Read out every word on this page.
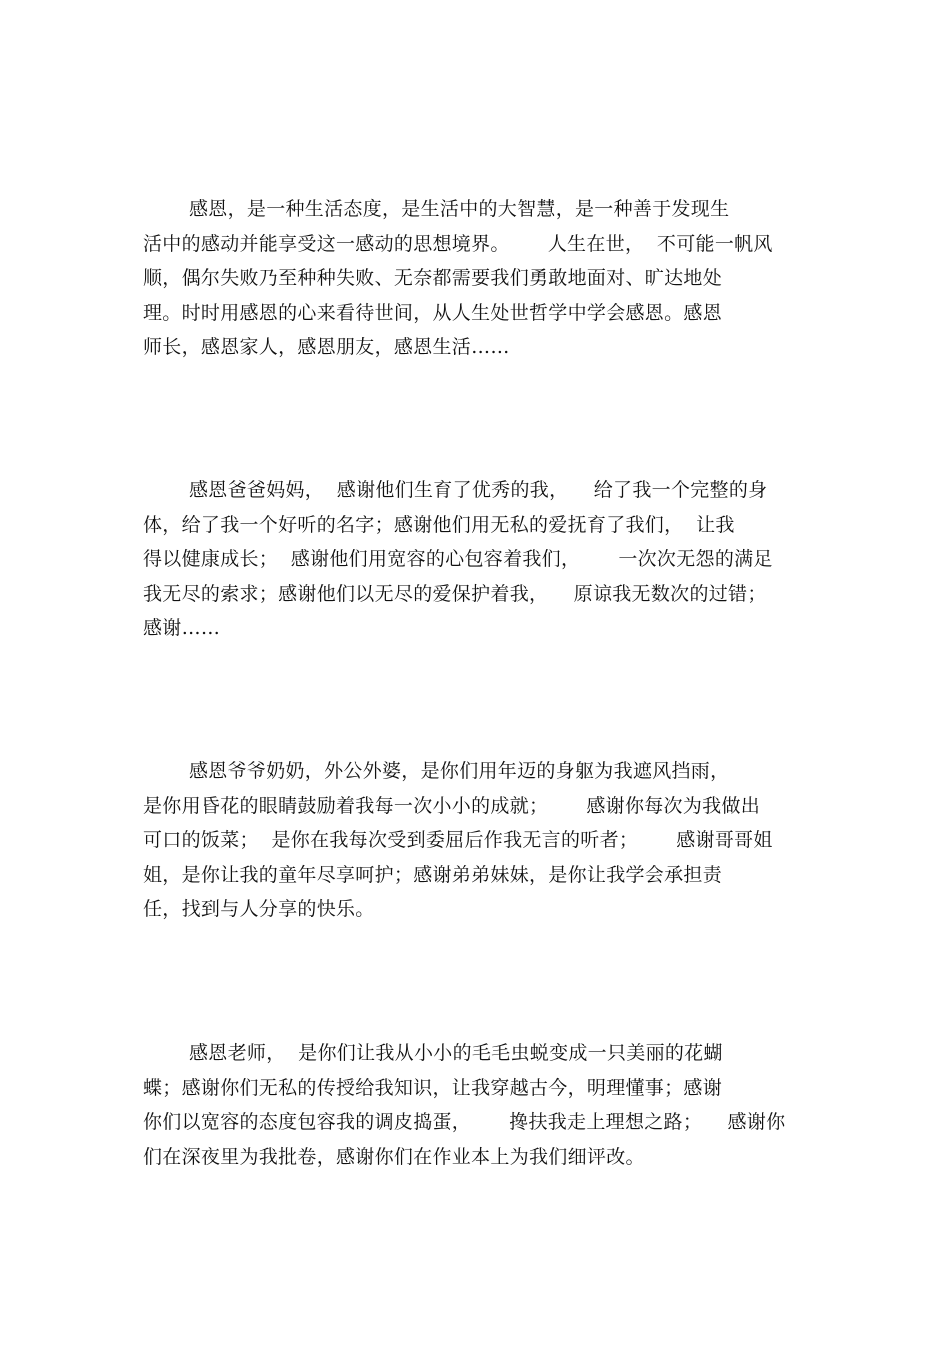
感恩，是一种生活态度，是生活中的大智慧，是一种善于发现生
活中的感动并能享受这一感动的思想境界。      人生在世，  不可能一帆风
顺，偶尔失败乃至种种失败、无奈都需要我们勇敢地面对、旷达地处
理。时时用感恩的心来看待世间，从人生处世哲学中学会感恩。感恩
师长，感恩家人，感恩朋友，感恩生活……

感恩爸爸妈妈，  感谢他们生育了优秀的我，    给了我一个完整的身
体，给了我一个好听的名字；感谢他们用无私的爱抚育了我们，  让我
得以健康成长；  感谢他们用宽容的心包容着我们，      一次次无怨的满足
我无尽的索求；感谢他们以无尽的爱保护着我，    原谅我无数次的过错；
感谢……

感恩爷爷奶奶，外公外婆，是你们用年迈的身躯为我遮风挡雨，
是你用昏花的眼睛鼓励着我每一次小小的成就；      感谢你每次为我做出
可口的饭菜；  是你在我每次受到委屈后作我无言的听者；      感谢哥哥姐
姐，是你让我的童年尽享呵护；感谢弟弟妹妹，是你让我学会承担责
任，找到与人分享的快乐。

感恩老师，  是你们让我从小小的毛毛虫蜕变成一只美丽的花蝴
蝶；感谢你们无私的传授给我知识，让我穿越古今，明理懂事；感谢
你们以宽容的态度包容我的调皮捣蛋，      搀扶我走上理想之路；    感谢你
们在深夜里为我批卷，感谢你们在作业本上为我们细评改。
